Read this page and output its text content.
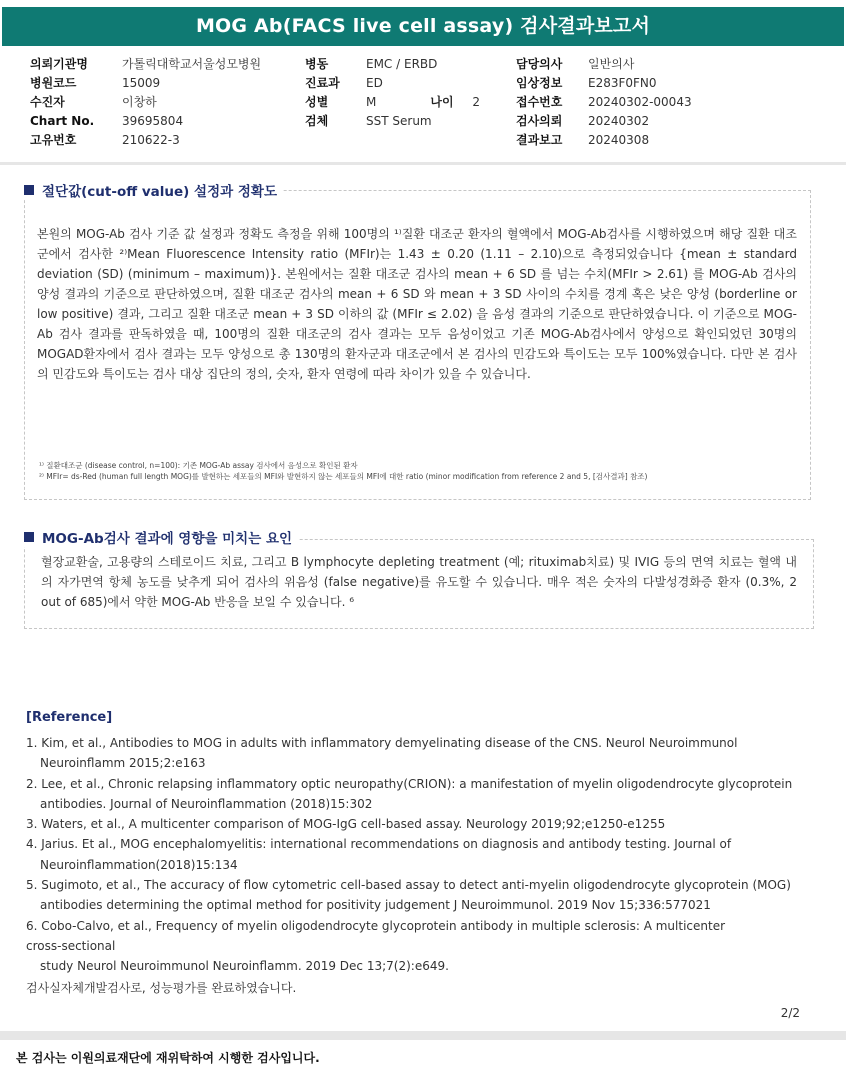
MOG Ab(FACS live cell assay) 검사결과보고서
의뢰기관명	가톨릭대학교서울성모병원
병원코드	15009
수진자	이창하
Chart No.	39695804
고유번호	210622-3
병동	EMC / ERBD
진료과	ED
성별	M	나이	2
검체	SST Serum
담당의사	일반의사
임상정보	E283F0FN0
접수번호	20240302-00043
검사의뢰	20240302
결과보고	20240308
본원의 MOG-Ab 검사 기준 값 설정과 정확도 측정을 위해 100명의 ¹⁾질환 대조군 환자의 혈액에서 MOG-Ab검사를 시행하였으며 해당 질환 대조군에서 검사한 ²⁾Mean Fluorescence Intensity ratio (MFIr)는 1.43 ± 0.20 (1.11 – 2.10)으로 측정되었습니다 {mean ± standard deviation (SD) (minimum – maximum)}. 본원에서는 질환 대조군 검사의 mean + 6 SD 를 넘는 수치(MFIr > 2.61) 를 MOG-Ab 검사의 양성 결과의 기준으로 판단하였으며, 질환 대조군 검사의 mean + 6 SD 와 mean + 3 SD 사이의 수치를 경계 혹은 낮은 양성 (borderline or low positive) 결과, 그리고 질환 대조군 mean + 3 SD 이하의 값 (MFIr ≤ 2.02) 을 음성 결과의 기준으로 판단하였습니다. 이 기준으로 MOG-Ab 검사 결과를 판독하였을 때, 100명의 질환 대조군의 검사 결과는 모두 음성이었고 기존 MOG-Ab검사에서 양성으로 확인되었던 30명의 MOGAD환자에서 검사 결과는 모두 양성으로 총 130명의 환자군과 대조군에서 본 검사의 민감도와 특이도는 모두 100%였습니다. 다만 본 검사의 민감도와 특이도는 검사 대상 집단의 정의, 숫자, 환자 연령에 따라 차이가 있을 수 있습니다.
¹⁾ 질환대조군 (disease control, n=100): 기존 MOG-Ab assay 검사에서 음성으로 확인된 환자
²⁾ MFIr= ds-Red (human full length MOG)를 발현하는 세포들의 MFI와 발현하지 않는 세포들의 MFI에 대한 ratio (minor modification from reference 2 and 5, [검사결과] 참조)
절단값(cut-off value) 설정과 정확도
혈장교환술, 고용량의 스테로이드 치료, 그리고 B lymphocyte depleting treatment (예; rituximab치료) 및 IVIG 등의 면역 치료는 혈액 내의 자가면역 항체 농도를 낮추게 되어 검사의 위음성 (false negative)를 유도할 수 있습니다. 매우 적은 숫자의 다발성경화증 환자 (0.3%, 2 out of 685)에서 약한 MOG-Ab 반응을 보일 수 있습니다. ⁶
MOG-Ab검사 결과에 영향을 미치는 요인
[Reference]
1. Kim, et al., Antibodies to MOG in adults with inflammatory demyelinating disease of the CNS. Neurol Neuroimmunol Neuroinflamm 2015;2:e163
2. Lee, et al., Chronic relapsing inflammatory optic neuropathy(CRION): a manifestation of myelin oligodendrocyte glycoprotein antibodies. Journal of Neuroinflammation (2018)15:302
3. Waters, et al., A multicenter comparison of MOG-IgG cell-based assay. Neurology 2019;92;e1250-e1255
4. Jarius. Et al., MOG encephalomyelitis: international recommendations on diagnosis and antibody testing. Journal of Neuroinflammation(2018)15:134
5. Sugimoto, et al., The accuracy of flow cytometric cell-based assay to detect anti-myelin oligodendrocyte glycoprotein (MOG) antibodies determining the optimal method for positivity judgement J Neuroimmunol. 2019 Nov 15;336:577021
6. Cobo-Calvo, et al., Frequency of myelin oligodendrocyte glycoprotein antibody in multiple sclerosis: A multicenter
cross-sectional
study Neurol Neuroimmunol Neuroinflamm. 2019 Dec 13;7(2):e649.
검사실자체개발검사로, 성능평가를 완료하였습니다.
2/2
본 검사는 이원의료재단에 재위탁하여 시행한 검사입니다.
